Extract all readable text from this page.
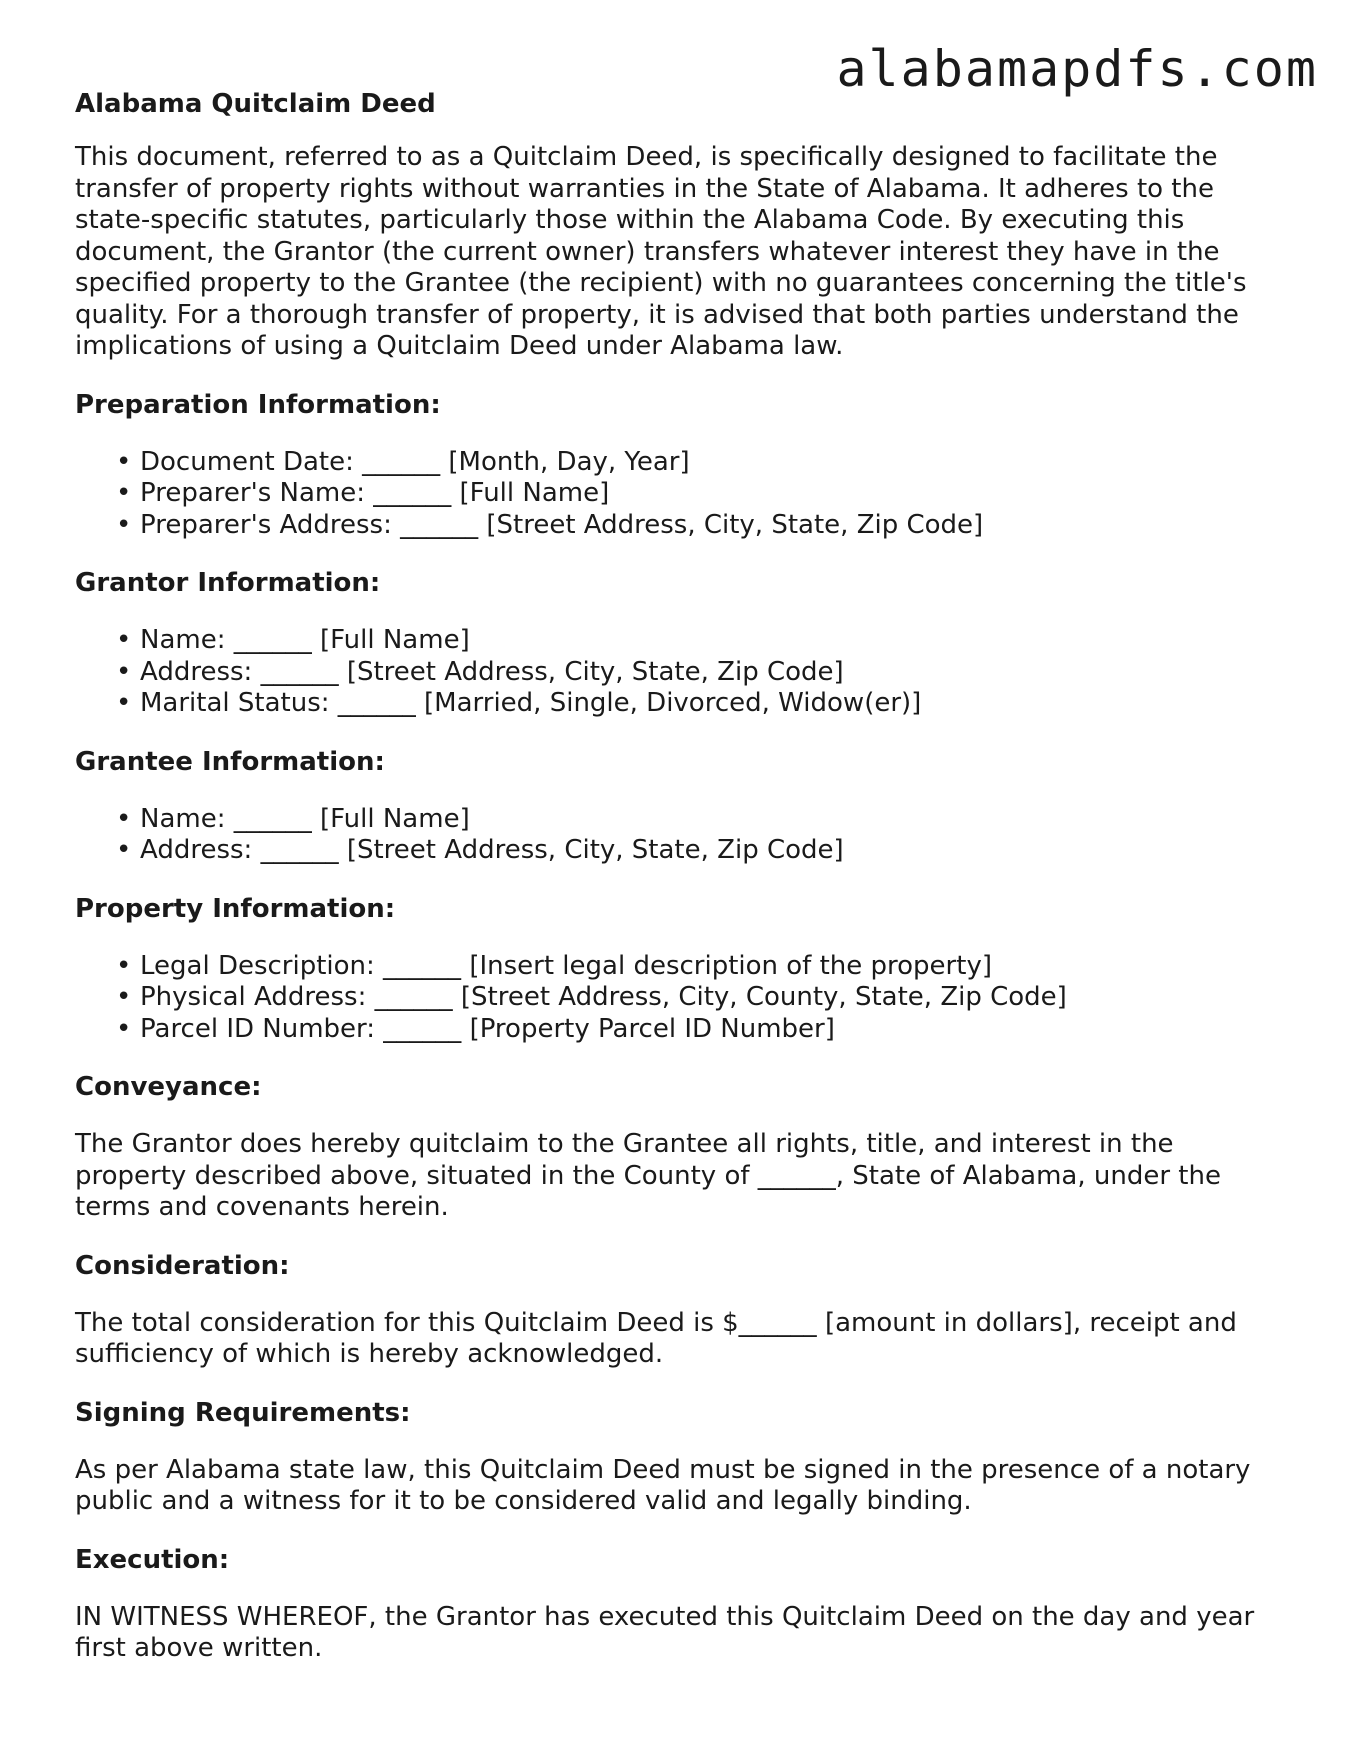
alabamapdfs.com
Alabama Quitclaim Deed

This document, referred to as a Quitclaim Deed, is specifically designed to facilitate the transfer of property rights without warranties in the State of Alabama. It adheres to the state-specific statutes, particularly those within the Alabama Code. By executing this document, the Grantor (the current owner) transfers whatever interest they have in the specified property to the Grantee (the recipient) with no guarantees concerning the title's quality. For a thorough transfer of property, it is advised that both parties understand the implications of using a Quitclaim Deed under Alabama law.

Preparation Information:
• Document Date: ______ [Month, Day, Year]
• Preparer's Name: ______ [Full Name]
• Preparer's Address: ______ [Street Address, City, State, Zip Code]
Grantor Information:
• Name: ______ [Full Name]
• Address: ______ [Street Address, City, State, Zip Code]
• Marital Status: ______ [Married, Single, Divorced, Widow(er)]
Grantee Information:
• Name: ______ [Full Name]
• Address: ______ [Street Address, City, State, Zip Code]
Property Information:
• Legal Description: ______ [Insert legal description of the property]
• Physical Address: ______ [Street Address, City, County, State, Zip Code]
• Parcel ID Number: ______ [Property Parcel ID Number]
Conveyance:

The Grantor does hereby quitclaim to the Grantee all rights, title, and interest in the property described above, situated in the County of ______, State of Alabama, under the terms and covenants herein.

Consideration:

The total consideration for this Quitclaim Deed is $______ [amount in dollars], receipt and sufficiency of which is hereby acknowledged.

Signing Requirements:

As per Alabama state law, this Quitclaim Deed must be signed in the presence of a notary public and a witness for it to be considered valid and legally binding.

Execution:

IN WITNESS WHEREOF, the Grantor has executed this Quitclaim Deed on the day and year first above written.
